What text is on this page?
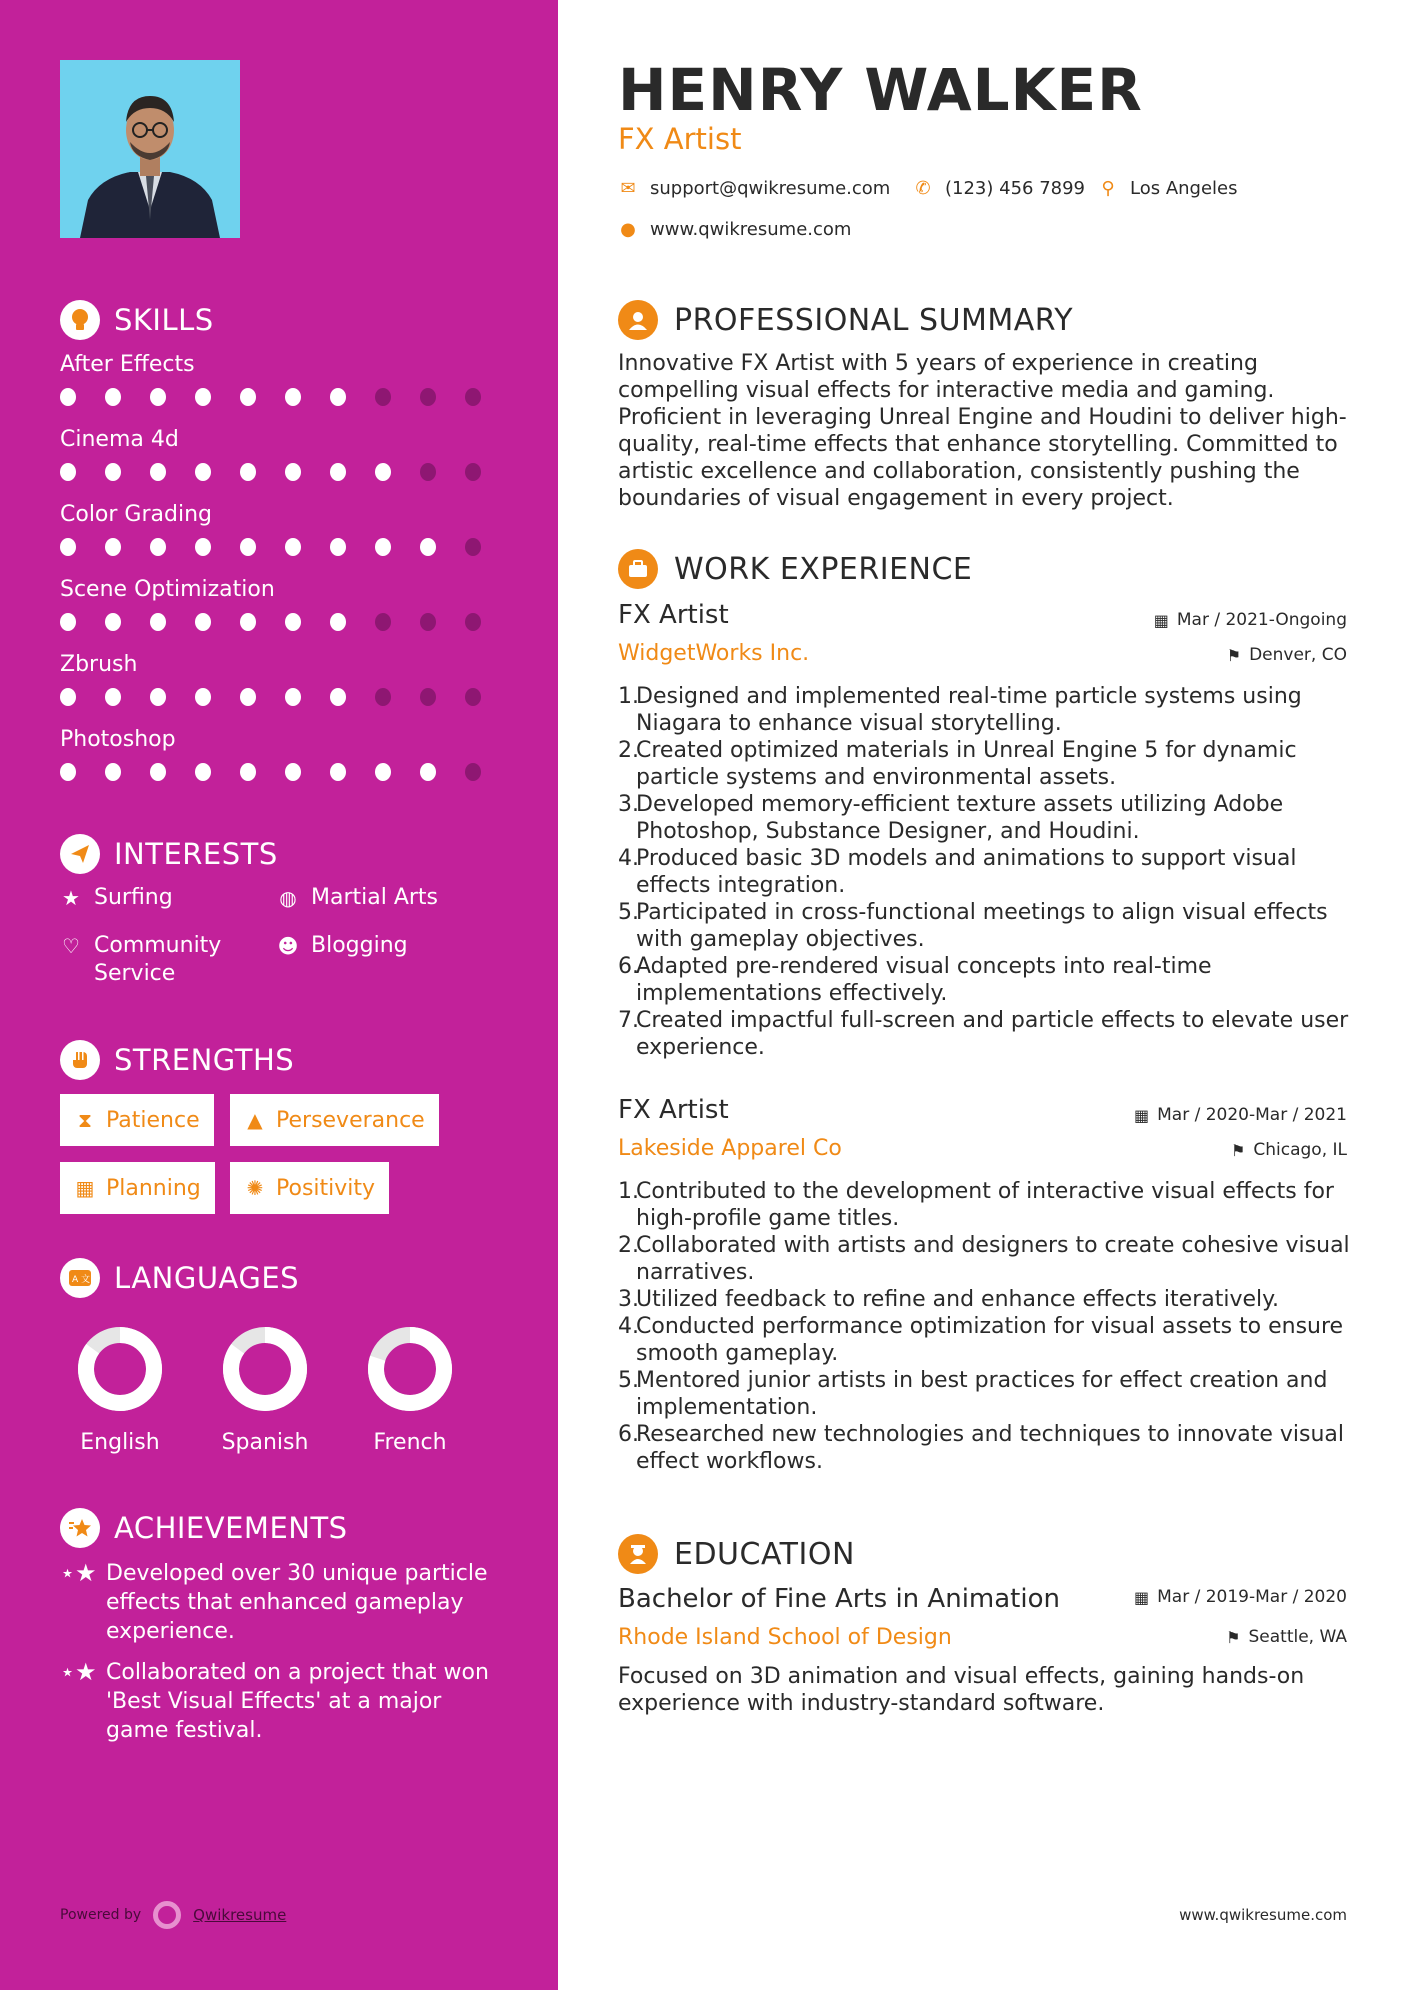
SKILLS
After Effects
Cinema 4d
Color Grading
Scene Optimization
Zbrush
Photoshop
INTERESTS
★ Surfing	◍ Martial Arts
♡ Community Service
☻ Blogging
STRENGTHS
⧗ Patience ▲ Perseverance
▦ Planning ✺ Positivity
A 文 LANGUAGES
English	Spanish	French
ACHIEVEMENTS
⋆★ Developed over 30 unique particle effects that enhanced gameplay experience.
⋆★ Collaborated on a project that won 'Best Visual Effects' at a major game festival.
Powered by	Qwikresume
HENRY WALKER
FX Artist
✉ support@qwikresume.com ✆ (123) 456 7899 ⚲ Los Angeles
● www.qwikresume.com
PROFESSIONAL SUMMARY
Innovative FX Artist with 5 years of experience in creating compelling visual effects for interactive media and gaming. Proficient in leveraging Unreal Engine and Houdini to deliver high-quality, real-time effects that enhance storytelling. Committed to artistic excellence and collaboration, consistently pushing the boundaries of visual engagement in every project.
WORK EXPERIENCE
FX Artist	▦ Mar / 2021-Ongoing
WidgetWorks Inc.	⚑ Denver, CO
Designed and implemented real-time particle systems using Niagara to enhance visual storytelling.
Created optimized materials in Unreal Engine 5 for dynamic particle systems and environmental assets.
Developed memory-efficient texture assets utilizing Adobe Photoshop, Substance Designer, and Houdini.
Produced basic 3D models and animations to support visual effects integration.
Participated in cross-functional meetings to align visual effects with gameplay objectives.
Adapted pre-rendered visual concepts into real-time implementations effectively.
Created impactful full-screen and particle effects to elevate user experience.
FX Artist	▦ Mar / 2020-Mar / 2021
Lakeside Apparel Co	⚑ Chicago, IL
Contributed to the development of interactive visual effects for high-profile game titles.
Collaborated with artists and designers to create cohesive visual narratives.
Utilized feedback to refine and enhance effects iteratively.
Conducted performance optimization for visual assets to ensure smooth gameplay.
Mentored junior artists in best practices for effect creation and implementation.
Researched new technologies and techniques to innovate visual effect workflows.
EDUCATION
Bachelor of Fine Arts in Animation	▦ Mar / 2019-Mar / 2020
Rhode Island School of Design	⚑ Seattle, WA
Focused on 3D animation and visual effects, gaining hands-on experience with industry-standard software.
www.qwikresume.com
